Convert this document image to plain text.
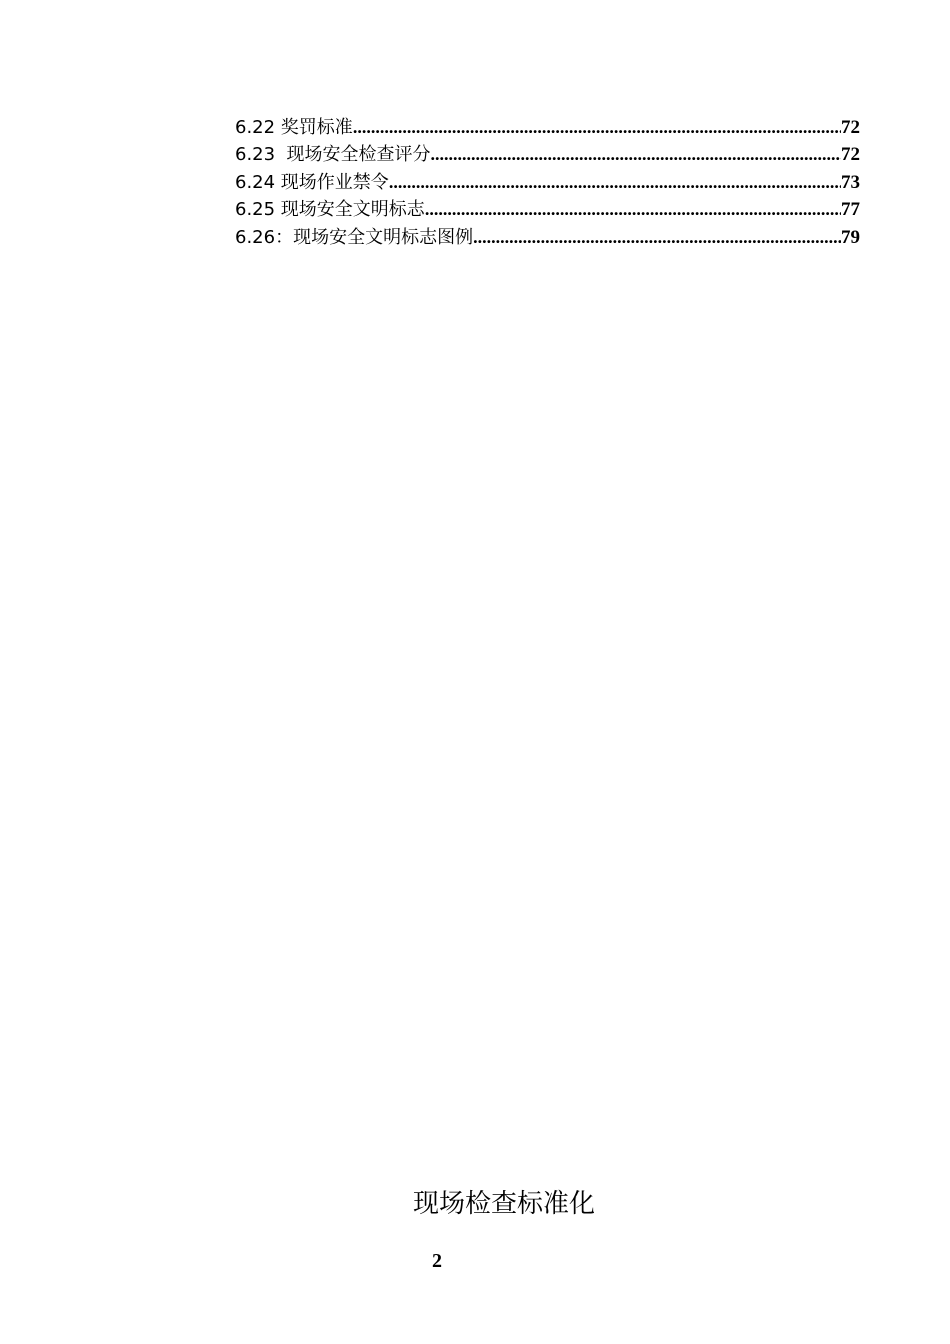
6.22 奖罚标准 .....	72
6.23  现场安全检查评分 .....	72
6.24 现场作业禁令 .....	73
6.25 现场安全文明标志 .....	77
6.26：现场安全文明标志图例 .....	79
现场检查标准化
2
